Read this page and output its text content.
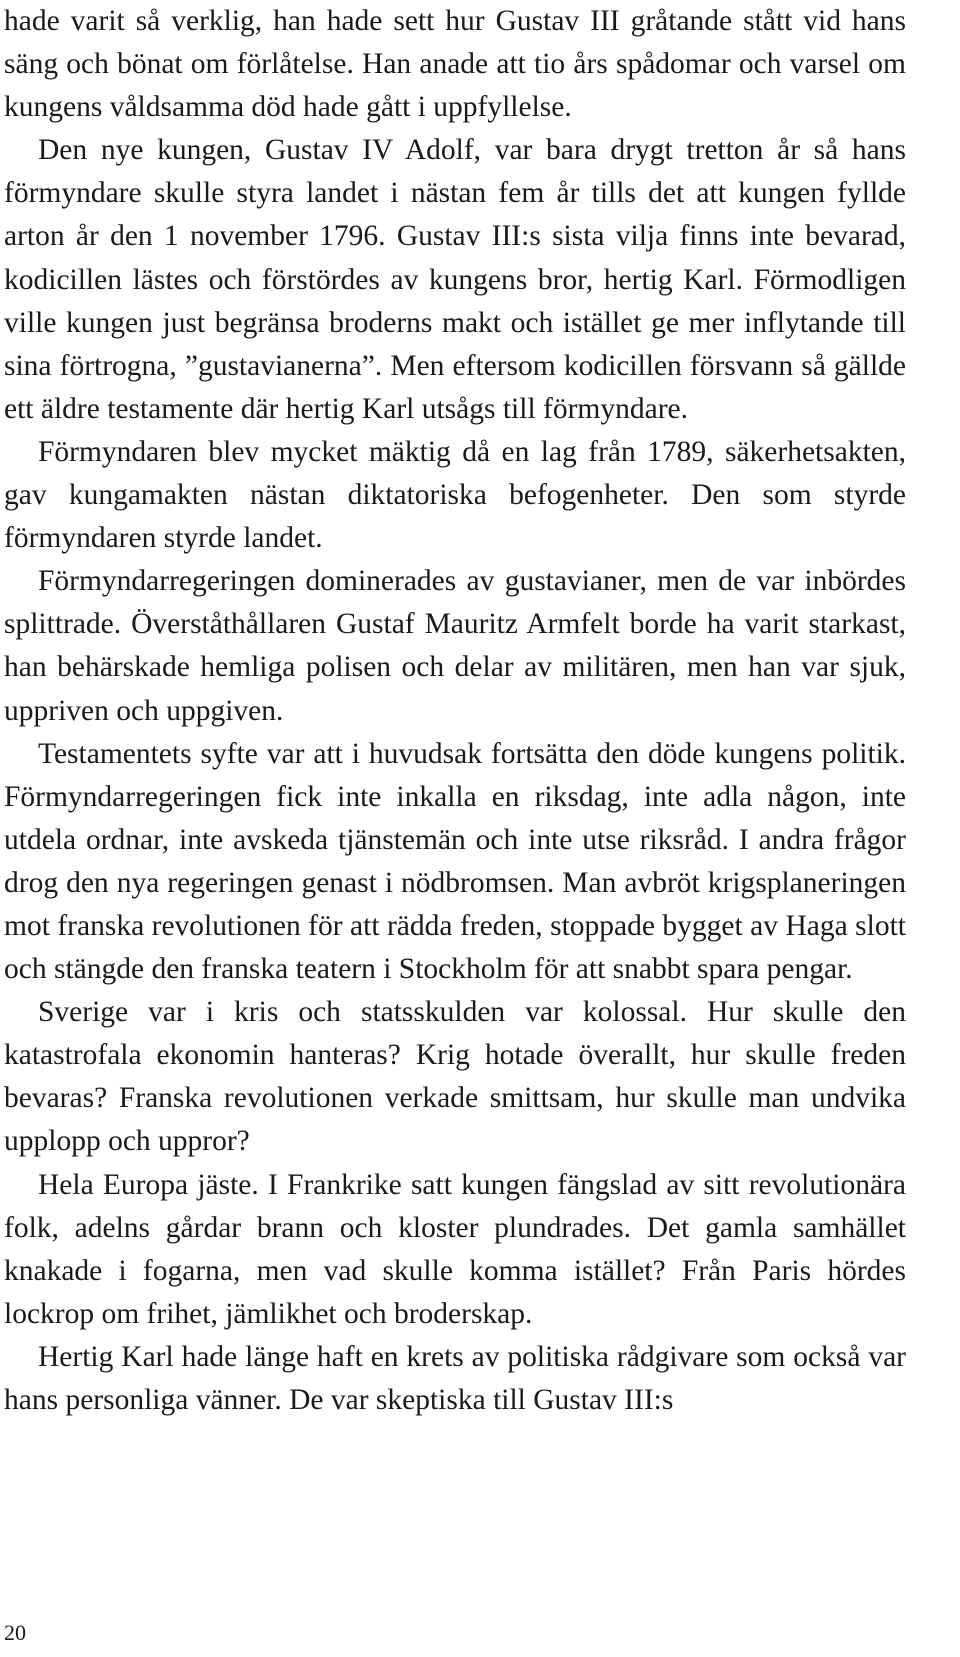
hade varit så verklig, han hade sett hur Gustav III gråtande stått vid hans säng och bönat om förlåtelse. Han anade att tio års spådomar och varsel om kungens våldsamma död hade gått i uppfyllelse.

Den nye kungen, Gustav IV Adolf, var bara drygt tretton år så hans förmyndare skulle styra landet i nästan fem år tills det att kungen fyllde arton år den 1 november 1796. Gustav III:s sista vilja finns inte bevarad, kodicillen lästes och förstördes av kungens bror, hertig Karl. Förmodligen ville kungen just begränsa broderns makt och istället ge mer inflytande till sina förtrogna, ”gustavianerna”. Men eftersom kodicillen försvann så gällde ett äldre testamente där hertig Karl utsågs till förmyndare.

Förmyndaren blev mycket mäktig då en lag från 1789, säkerhetsakten, gav kungamakten nästan diktatoriska befogenheter. Den som styrde förmyndaren styrde landet.

Förmyndarregeringen dominerades av gustavianer, men de var inbördes splittrade. Överståthållaren Gustaf Mauritz Armfelt borde ha varit starkast, han behärskade hemliga polisen och delar av militären, men han var sjuk, uppriven och uppgiven.

Testamentets syfte var att i huvudsak fortsätta den döde kungens politik. Förmyndarregeringen fick inte inkalla en riksdag, inte adla någon, inte utdela ordnar, inte avskeda tjänstemän och inte utse riksråd. I andra frågor drog den nya regeringen genast i nödbromsen. Man avbröt krigsplaneringen mot franska revolutionen för att rädda freden, stoppade bygget av Haga slott och stängde den franska teatern i Stockholm för att snabbt spara pengar.

Sverige var i kris och statsskulden var kolossal. Hur skulle den katastrofala ekonomin hanteras? Krig hotade överallt, hur skulle freden bevaras? Franska revolutionen verkade smittsam, hur skulle man undvika upplopp och uppror?

Hela Europa jäste. I Frankrike satt kungen fängslad av sitt revolutionära folk, adelns gårdar brann och kloster plundrades. Det gamla samhället knakade i fogarna, men vad skulle komma istället? Från Paris hördes lockrop om frihet, jämlikhet och broderskap.

Hertig Karl hade länge haft en krets av politiska rådgivare som också var hans personliga vänner. De var skeptiska till Gustav III:s

20
